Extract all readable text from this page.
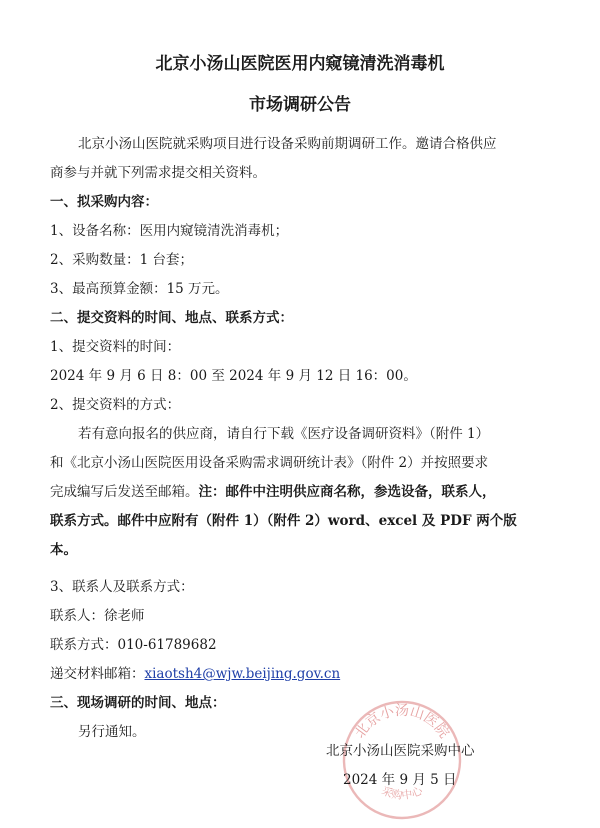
北京小汤山医院医用内窥镜清洗消毒机
市场调研公告
北京小汤山医院就采购项目进行设备采购前期调研工作。邀请合格供应
商参与并就下列需求提交相关资料。
一、拟采购内容：
1、设备名称：医用内窥镜清洗消毒机；
2、采购数量：1 台套；
3、最高预算金额：15 万元。
二、提交资料的时间、地点、联系方式：
1、提交资料的时间：
2024 年 9 月 6 日 8：00 至 2024 年 9 月 12 日 16：00。
2、提交资料的方式：
若有意向报名的供应商，请自行下载《医疗设备调研资料》（附件 1）
和《北京小汤山医院医用设备采购需求调研统计表》（附件 2）并按照要求
完成编写后发送至邮箱。注：邮件中注明供应商名称，参选设备，联系人，
联系方式。邮件中应附有（附件 1）（附件 2）word、excel 及 PDF 两个版
本。
3、联系人及联系方式：
联系人：徐老师
联系方式：010-61789682
递交材料邮箱：xiaotsh4@wjw.beijing.gov.cn
三、现场调研的时间、地点：
另行通知。	北京小汤山医院
采购中心
北京小汤山医院采购中心
2024 年 9 月 5 日
